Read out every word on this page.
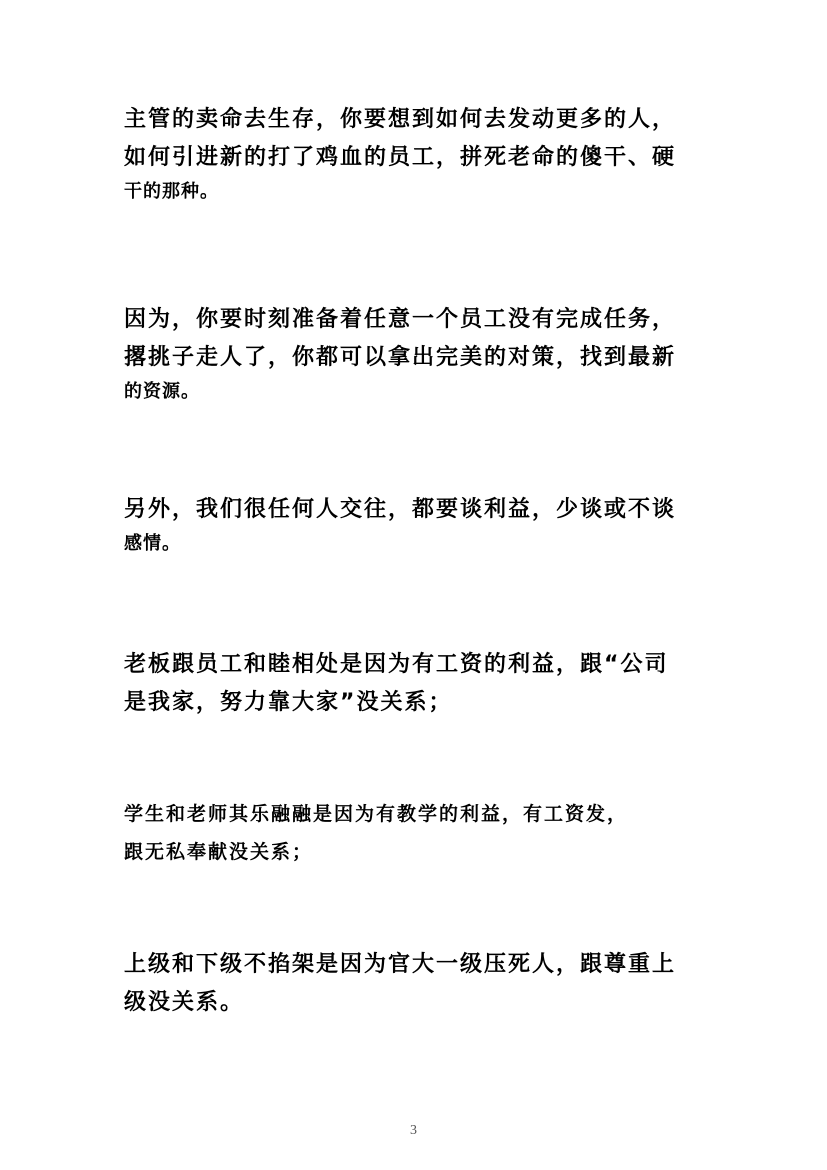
主管的卖命去生存，你要想到如何去发动更多的人，
如何引进新的打了鸡血的员工，拼死老命的傻干、硬
干的那种。

因为，你要时刻准备着任意一个员工没有完成任务，
撂挑子走人了，你都可以拿出完美的对策，找到最新
的资源。

另外，我们很任何人交往，都要谈利益，少谈或不谈
感情。

老板跟员工和睦相处是因为有工资的利益，跟“公司
是我家，努力靠大家”没关系；

学生和老师其乐融融是因为有教学的利益，有工资发，
跟无私奉献没关系；

上级和下级不掐架是因为官大一级压死人，跟尊重上
级没关系。

3
